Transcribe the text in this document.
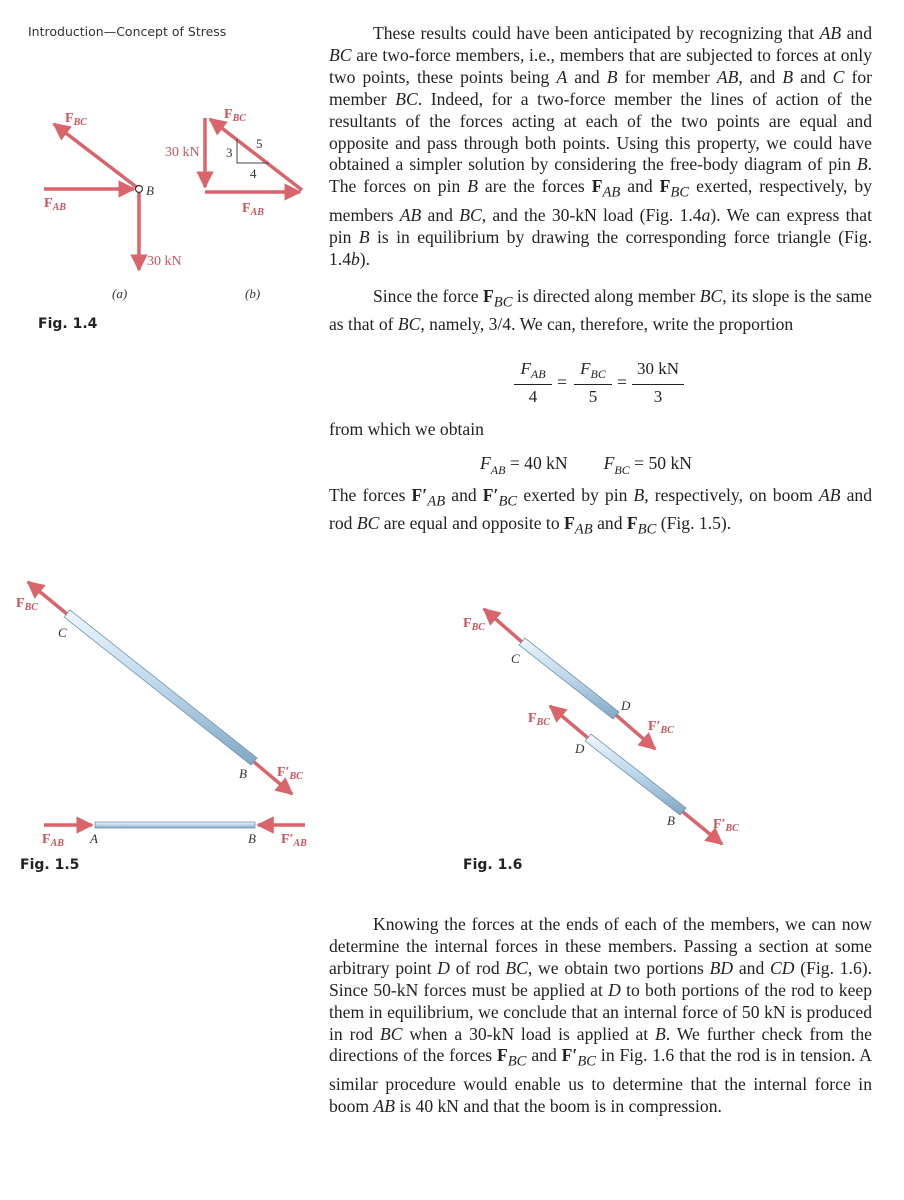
Introduction—Concept of Stress
$F_{BC}$
$F_{AB}$
B
30 kN
(a)
3
4
5
$F_{BC}$
30 kN
$F_{AB}$
(b)
$F_{BC}$
C
B $F'_{BC}$
$F_{AB}$ A	B $F'_{AB}$
$F_{BC}$
C
D
$F'_{BC}$
$F_{BC}$
D
B	$F'_{BC}$
Fig. 1.4
Fig. 1.5	Fig. 1.6

These results could have been anticipated by recognizing that AB and BC are two-force members, i.e., members that are subjected to forces at only two points, these points being A and B for member AB, and B and C for member BC. Indeed, for a two-force member the lines of action of the resultants of the forces acting at each of the two points are equal and opposite and pass through both points. Using this property, we could have obtained a simpler solution by considering the free-body diagram of pin B. The forces on pin B are the forces $F_{AB}$ and $F_{BC}$ exerted, respectively, by members AB and BC, and the 30-kN load (Fig. 1.4a). We can express that pin B is in equilibrium by drawing the corresponding force triangle (Fig. 1.4b).

Since the force $F_{BC}$ is directed along member BC, its slope is the same as that of BC, namely, 3/4. We can, therefore, write the proportion

$F_{AB}$
4
=
$F_{BC}$
5
=
30 kN
3

from which we obtain

$F_{AB} = 40$ kN $F_{BC} = 50$ kN

The forces $F'_{AB}$ and $F'_{BC}$ exerted by pin B, respectively, on boom AB and rod BC are equal and opposite to $F_{AB}$ and $F_{BC}$ (Fig. 1.5).

Knowing the forces at the ends of each of the members, we can now determine the internal forces in these members. Passing a section at some arbitrary point D of rod BC, we obtain two portions BD and CD (Fig. 1.6). Since 50-kN forces must be applied at D to both portions of the rod to keep them in equilibrium, we conclude that an internal force of 50 kN is produced in rod BC when a 30-kN load is applied at B. We further check from the directions of the forces $F_{BC}$ and $F'_{BC}$ in Fig. 1.6 that the rod is in tension. A similar procedure would enable us to determine that the internal force in boom AB is 40 kN and that the boom is in compression.
